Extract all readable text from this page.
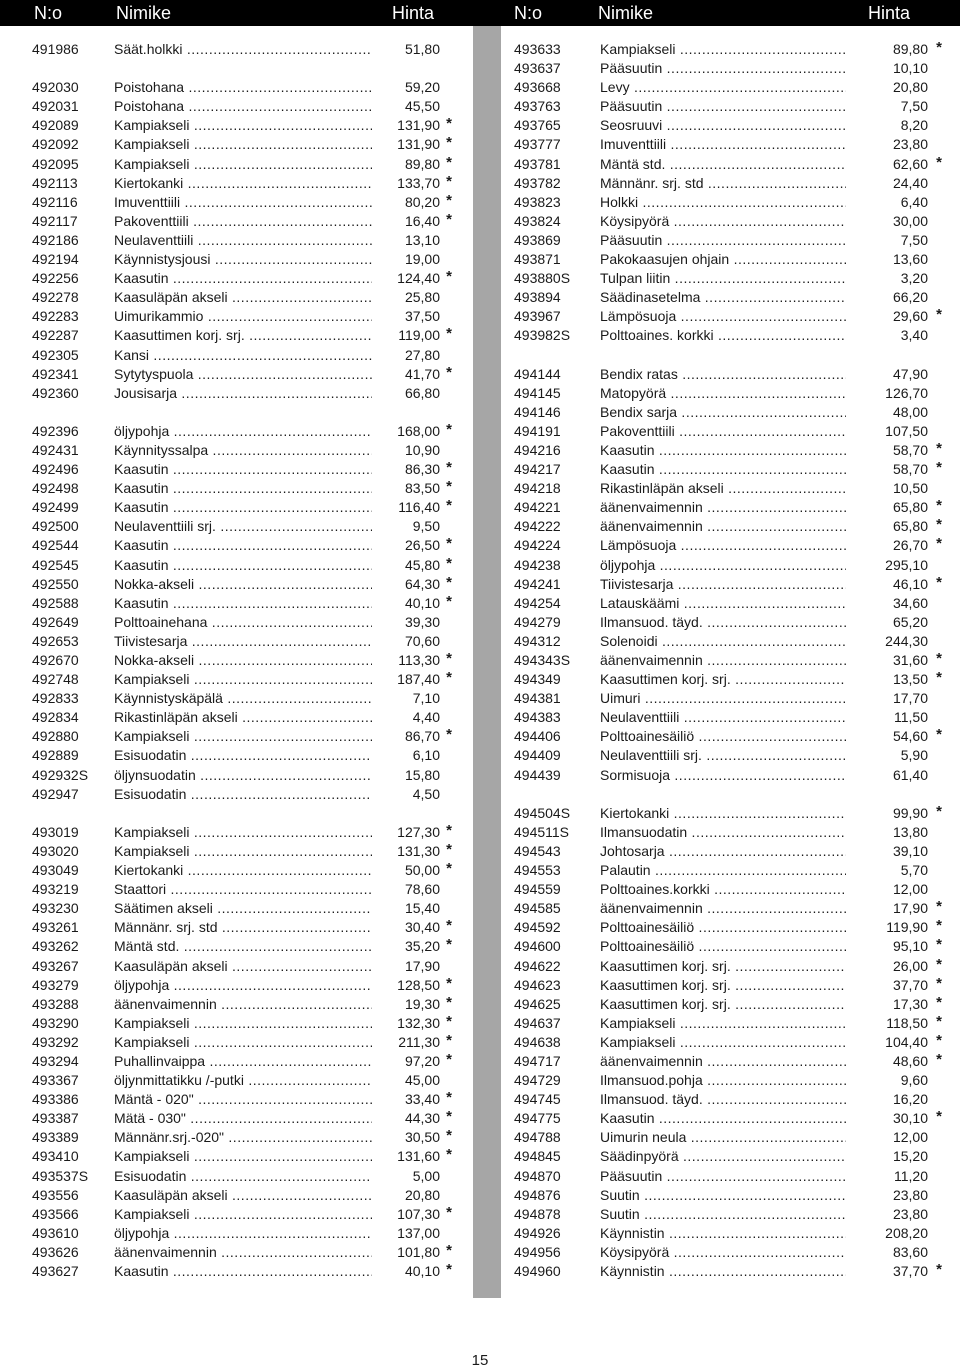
N:o	Nimike	Hinta	N:o	Nimike	Hinta
491986	Säät.holkki .....	51,80
492030	Poistohana .....	59,20
492031	Poistohana .....	45,50
492089	Kampiakseli .....	131,90 *
492092	Kampiakseli .....	131,90 *
492095	Kampiakseli .....	89,80 *
492113	Kiertokanki .....	133,70 *
492116	Imuventtiili .....	80,20 *
492117	Pakoventtiili .....	16,40 *
492186	Neulaventtiili .....	13,10
492194	Käynnistysjousi .....	19,00
492256	Kaasutin .....	124,40 *
492278	Kaasuläpän akseli .....	25,80
492283	Uimurikammio .....	37,50
492287	Kaasuttimen korj. srj. .....	119,00 *
492305	Kansi .....	27,80
492341	Sytytyspuola .....	41,70 *
492360	Jousisarja .....	66,80
492396	öljypohja .....	168,00 *
492431	Käynnityssalpa .....	10,90
492496	Kaasutin .....	86,30 *
492498	Kaasutin .....	83,50 *
492499	Kaasutin .....	116,40 *
492500	Neulaventtiili srj. .....	9,50
492544	Kaasutin .....	26,50 *
492545	Kaasutin .....	45,80 *
492550	Nokka-akseli .....	64,30 *
492588	Kaasutin .....	40,10 *
492649	Polttoainehana .....	39,30
492653	Tiivistesarja .....	70,60
492670	Nokka-akseli .....	113,30 *
492748	Kampiakseli .....	187,40 *
492833	Käynnistyskäpälä .....	7,10
492834	Rikastinläpän akseli .....	4,40
492880	Kampiakseli .....	86,70 *
492889	Esisuodatin .....	6,10
492932S öljynsuodatin .....	15,80
492947	Esisuodatin .....	4,50
493019	Kampiakseli .....	127,30 *
493020	Kampiakseli .....	131,30 *
493049	Kiertokanki .....	50,00 *
493219	Staattori .....	78,60
493230	Säätimen akseli .....	15,40
493261	Männänr. srj. std .....	30,40 *
493262	Mäntä std. .....	35,20 *
493267	Kaasuläpän akseli .....	17,90
493279	öljypohja .....	128,50 *
493288	äänenvaimennin .....	19,30 *
493290	Kampiakseli .....	132,30 *
493292	Kampiakseli .....	211,30 *
493294	Puhallinvaippa .....	97,20 *
493367	öljynmittatikku /-putki .....	45,00
493386	Mäntä - 020" .....	33,40 *
493387	Mätä - 030" .....	44,30 *
493389	Männänr.srj.-020" .....	30,50 *
493410	Kampiakseli .....	131,60 *
493537S Esisuodatin .....	5,00
493556	Kaasuläpän akseli .....	20,80
493566	Kampiakseli .....	107,30 *
493610	öljypohja .....	137,00
493626	äänenvaimennin .....	101,80 *
493627	Kaasutin .....	40,10 *
493633	Kampiakseli .....	89,80 *
493637	Pääsuutin .....	10,10
493668	Levy .....	20,80
493763	Pääsuutin .....	7,50
493765	Seosruuvi .....	8,20
493777	Imuventtiili .....	23,80
493781	Mäntä std. .....	62,60 *
493782	Männänr. srj. std .....	24,40
493823	Holkki .....	6,40
493824	Köysipyörä .....	30,00
493869	Pääsuutin .....	7,50
493871	Pakokaasujen ohjain .....	13,60
493880S Tulpan liitin .....	3,20
493894	Säädinasetelma .....	66,20
493967	Lämpösuoja .....	29,60 *
493982S Polttoaines. korkki .....	3,40
494144	Bendix ratas .....	47,90
494145	Matopyörä .....	126,70
494146	Bendix sarja .....	48,00
494191	Pakoventtiili .....	107,50
494216	Kaasutin .....	58,70 *
494217	Kaasutin .....	58,70 *
494218	Rikastinläpän akseli .....	10,50
494221	äänenvaimennin .....	65,80 *
494222	äänenvaimennin .....	65,80 *
494224	Lämpösuoja .....	26,70 *
494238	öljypohja .....	295,10
494241	Tiivistesarja .....	46,10 *
494254	Latauskäämi .....	34,60
494279	Ilmansuod. täyd. .....	65,20
494312	Solenoidi .....	244,30
494343S äänenvaimennin .....	31,60 *
494349	Kaasuttimen korj. srj. .....	13,50 *
494381	Uimuri .....	17,70
494383	Neulaventtiili .....	11,50
494406	Polttoainesäiliö .....	54,60 *
494409	Neulaventtiili srj. .....	5,90
494439	Sormisuoja .....	61,40
494504S Kiertokanki .....	99,90 *
494511S Ilmansuodatin .....	13,80
494543	Johtosarja .....	39,10
494553	Palautin .....	5,70
494559	Polttoaines.korkki .....	12,00
494585	äänenvaimennin .....	17,90 *
494592	Polttoainesäiliö .....	119,90 *
494600	Polttoainesäiliö .....	95,10 *
494622	Kaasuttimen korj. srj. .....	26,00 *
494623	Kaasuttimen korj. srj. .....	37,70 *
494625	Kaasuttimen korj. srj. .....	17,30 *
494637	Kampiakseli .....	118,50 *
494638	Kampiakseli .....	104,40 *
494717	äänenvaimennin .....	48,60 *
494729	Ilmansuod.pohja .....	9,60
494745	Ilmansuod. täyd. .....	16,20
494775	Kaasutin .....	30,10 *
494788	Uimurin neula .....	12,00
494845	Säädinpyörä .....	15,20
494870	Pääsuutin .....	11,20
494876	Suutin .....	23,80
494878	Suutin .....	23,80
494926	Käynnistin .....	208,20
494956	Köysipyörä .....	83,60
494960	Käynnistin .....	37,70 *
15
